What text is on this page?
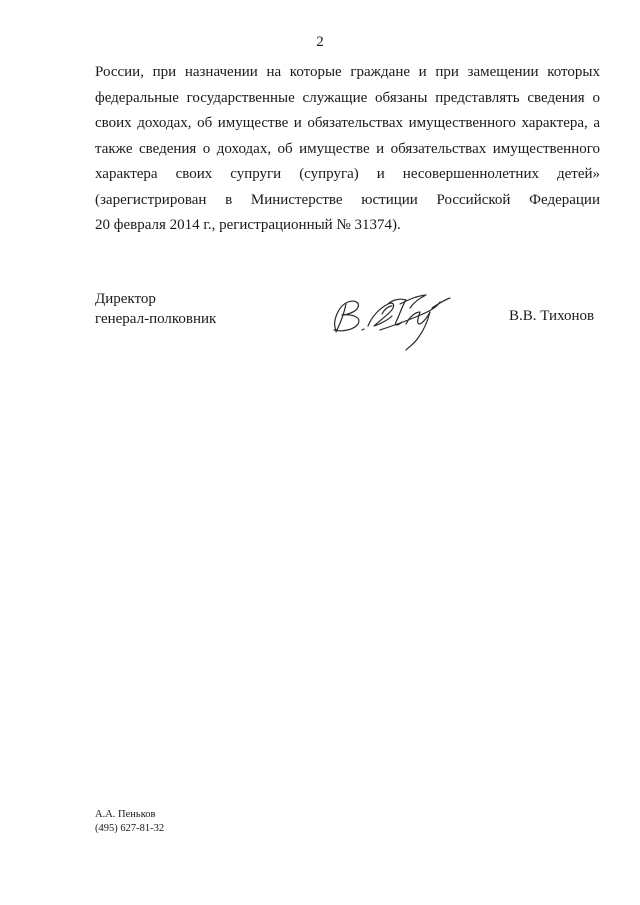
2
России, при назначении на которые граждане и при замещении которых
федеральные государственные служащие обязаны представлять сведения о
своих доходах, об имуществе и обязательствах имущественного характера, а
также сведения о доходах, об имуществе и обязательствах имущественного
характера своих супруги (супруга) и несовершеннолетних детей»
(зарегистрирован в Министерстве юстиции Российской Федерации
20 февраля 2014 г., регистрационный № 31374).
Директор
генерал-полковник	В.В. Тихонов
А.А. Пеньков
(495) 627-81-32
